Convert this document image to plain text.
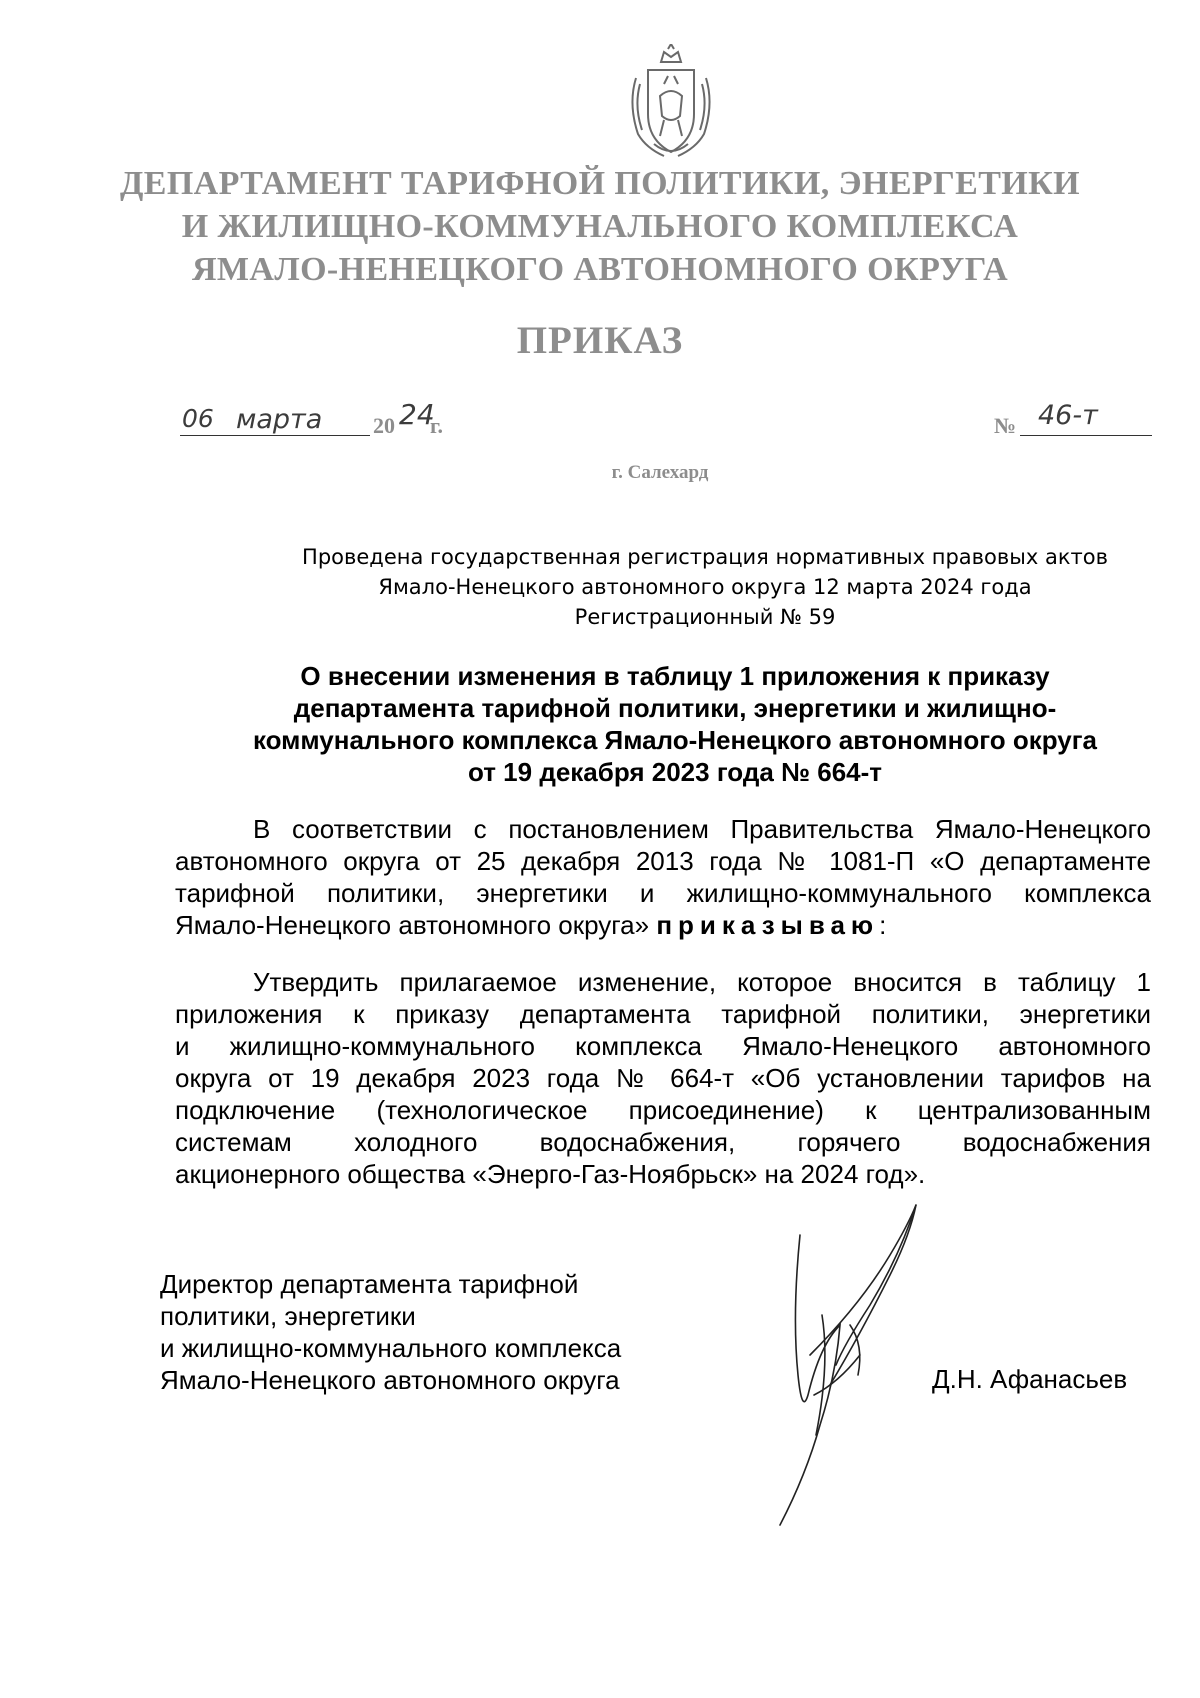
ДЕПАРТАМЕНТ ТАРИФНОЙ ПОЛИТИКИ, ЭНЕРГЕТИКИ
И ЖИЛИЩНО-КОММУНАЛЬНОГО КОМПЛЕКСА
ЯМАЛО-НЕНЕЦКОГО АВТОНОМНОГО ОКРУГА
ПРИКАЗ
06 марта 20 24
г.	№ 46-т
г. Салехард
Проведена государственная регистрация нормативных правовых актов
Ямало-Ненецкого автономного округа 12 марта 2024 года
Регистрационный № 59
О внесении изменения в таблицу 1 приложения к приказу
департамента тарифной политики, энергетики и жилищно-
коммунального комплекса Ямало-Ненецкого автономного округа
от 19 декабря 2023 года № 664-т
В соответствии с постановлением Правительства Ямало-Ненецкого
автономного округа от 25 декабря 2013 года № 1081-П «О департаменте
тарифной политики, энергетики и жилищно-коммунального комплекса
Ямало-Ненецкого автономного округа» приказываю:
Утвердить прилагаемое изменение, которое вносится в таблицу 1
приложения к приказу департамента тарифной политики, энергетики
и жилищно-коммунального комплекса Ямало-Ненецкого автономного
округа от 19 декабря 2023 года № 664-т «Об установлении тарифов на
подключение (технологическое присоединение) к централизованным
системам холодного водоснабжения, горячего водоснабжения
акционерного общества «Энерго-Газ-Ноябрьск» на 2024 год».
Директор департамента тарифной
политики, энергетики
и жилищно-коммунального комплекса
Ямало-Ненецкого автономного округа	Д.Н. Афанасьев
